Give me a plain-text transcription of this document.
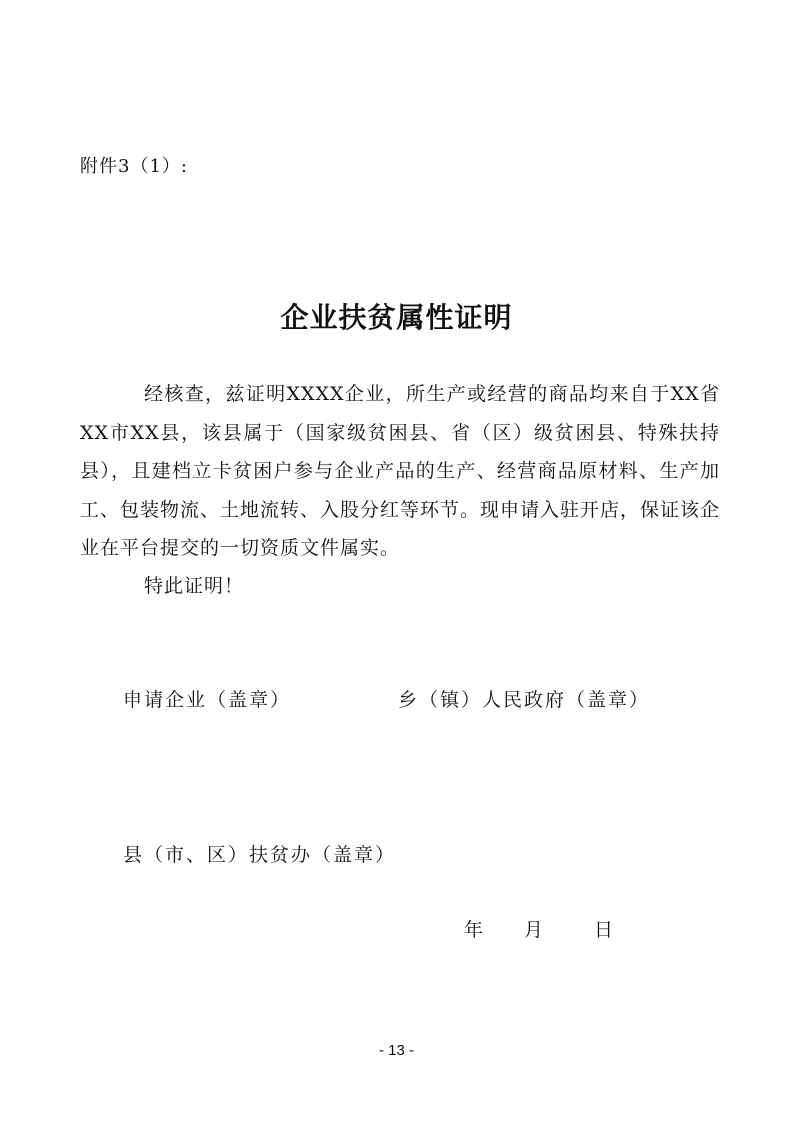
附件3（1）:

企业扶贫属性证明

经核查，兹证明XXXX企业，所生产或经营的商品均来自于XX省XX市XX县，该县属于（国家级贫困县、省（区）级贫困县、特殊扶持县），且建档立卡贫困户参与企业产品的生产、经营商品原材料、生产加工、包装物流、土地流转、入股分红等环节。现申请入驻开店，保证该企业在平台提交的一切资质文件属实。

特此证明！

申请企业（盖章）	乡（镇）人民政府（盖章）
县（市、区）扶贫办（盖章）
年 月	日
- 13 -
